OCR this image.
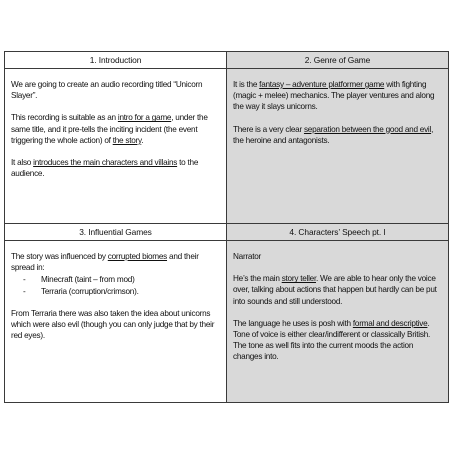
1. Introduction

We are going to create an audio recording titled “Unicorn Slayer”.

This recording is suitable as an intro for a game, under the same title, and it pre-tells the inciting incident (the event triggering the whole action) of the story.

It also introduces the main characters and villains to the audience.

2. Genre of Game

It is the fantasy – adventure platformer game with fighting (magic + melee) mechanics. The player ventures and along the way it slays unicorns.

There is a very clear separation between the good and evil, the heroine and antagonists.

3. Influential Games

The story was influenced by corrupted biomes and their spread in:

- Minecraft (taint – from mod)
- Terraria (corruption/crimson).

From Terraria there was also taken the idea about unicorns which were also evil (though you can only judge that by their red eyes).

4. Characters’ Speech pt. I

Narrator

He’s the main story teller. We are able to hear only the voice over, talking about actions that happen but hardly can be put into sounds and still understood.

The language he uses is posh with formal and descriptive. Tone of voice is either clear/indifferent or classically British. The tone as well fits into the current moods the action changes into.
